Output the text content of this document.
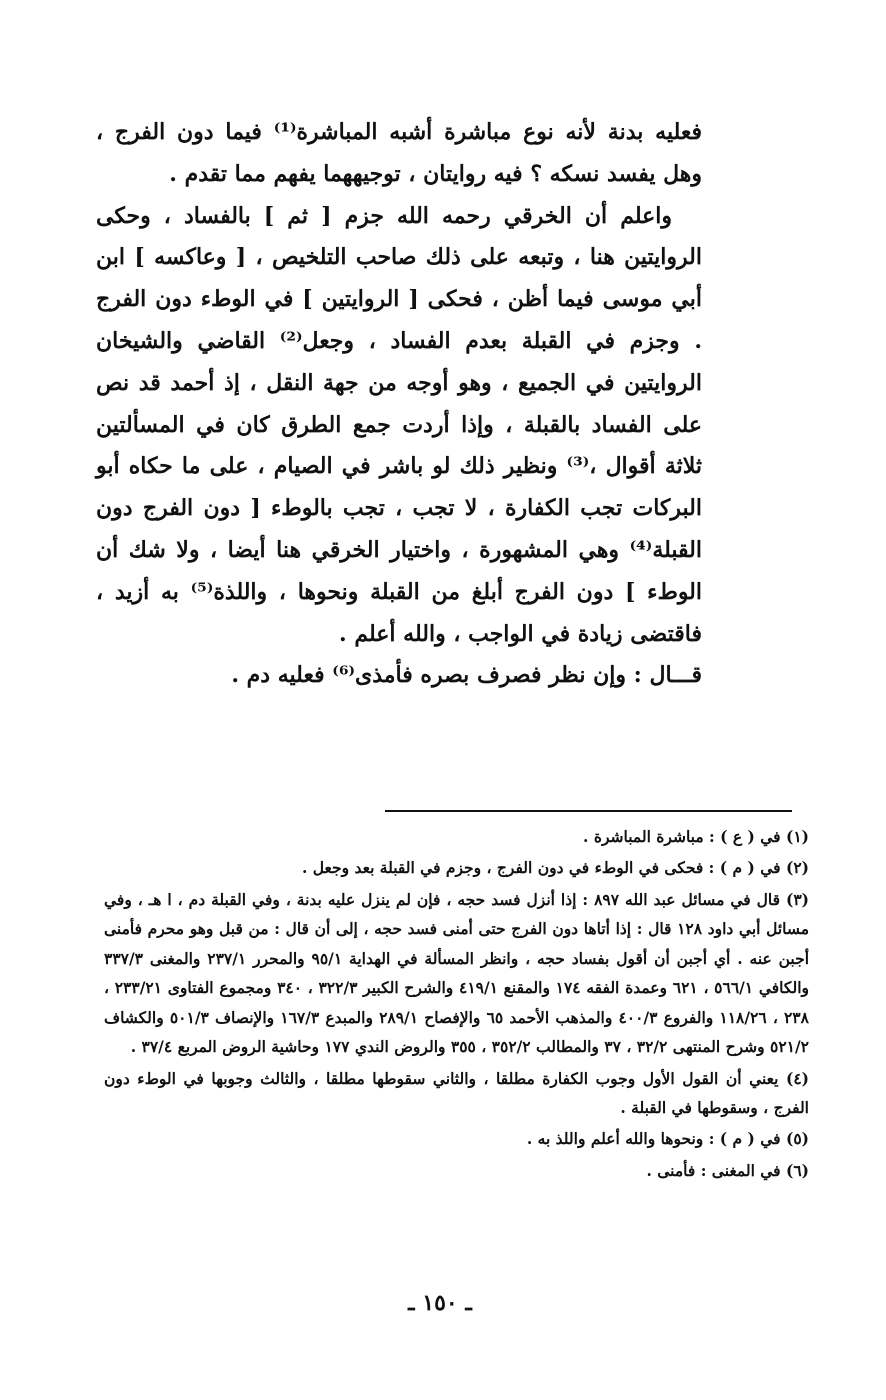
فعليه بدنة لأنه نوع مباشرة أشبه المباشرة⁽¹⁾ فيما دون الفرج ، وهل يفسد نسكه ؟ فيه روايتان ، توجيههما يفهم مما تقدم .

واعلم أن الخرقي رحمه الله جزم [ ثم ] بالفساد ، وحكى الروايتين هنا ، وتبعه على ذلك صاحب التلخيص ، [ وعاكسه ] ابن أبي موسى فيما أظن ، فحكى [ الروايتين ] في الوطء دون الفرج . وجزم في القبلة بعدم الفساد ، وجعل⁽²⁾ القاضي والشيخان الروايتين في الجميع ، وهو أوجه من جهة النقل ، إذ أحمد قد نص على الفساد بالقبلة ، وإذا أردت جمع الطرق كان في المسألتين ثلاثة أقوال ،⁽³⁾ ونظير ذلك لو باشر في الصيام ، على ما حكاه أبو البركات تجب الكفارة ، لا تجب ، تجب بالوطء [ دون الفرج دون القبلة⁽⁴⁾ وهي المشهورة ، واختيار الخرقي هنا أيضا ، ولا شك أن الوطء ] دون الفرج أبلغ من القبلة ونحوها ، واللذة⁽⁵⁾ به أزيد ، فاقتضى زيادة في الواجب ، والله أعلم .

قـــال : وإن نظر فصرف بصره فأمذى⁽⁶⁾ فعليه دم .

(١) في ( ع ) : مباشرة المباشرة .

(٢) في ( م ) : فحكى في الوطء في دون الفرج ، وجزم في القبلة بعد وجعل .

(٣) قال في مسائل عبد الله ٨٩٧ : إذا أنزل فسد حجه ، فإن لم ينزل عليه بدنة ، وفي القبلة دم ، ا هـ ، وفي مسائل أبي داود ١٢٨ قال : إذا أتاها دون الفرج حتى أمنى فسد حجه ، إلى أن قال : من قبل وهو محرم فأمنى أجبن عنه . أي أجبن أن أقول بفساد حجه ، وانظر المسألة في الهداية ٩٥/١ والمحرر ٢٣٧/١ والمغنى ٣٣٧/٣ والكافي ٥٦٦/١ ، ٦٢١ وعمدة الفقه ١٧٤ والمقنع ٤١٩/١ والشرح الكبير ٣٢٢/٣ ، ٣٤٠ ومجموع الفتاوى ٢٣٣/٢١ ، ٢٣٨ ، ١١٨/٢٦ والفروع ٤٠٠/٣ والمذهب الأحمد ٦٥ والإفصاح ٢٨٩/١ والمبدع ١٦٧/٣ والإنصاف ٥٠١/٣ والكشاف ٥٢١/٢ وشرح المنتهى ٣٢/٢ ، ٣٧ والمطالب ٣٥٢/٢ ، ٣٥٥ والروض الندي ١٧٧ وحاشية الروض المربع ٣٧/٤ .

(٤) يعني أن القول الأول وجوب الكفارة مطلقا ، والثاني سقوطها مطلقا ، والثالث وجوبها في الوطء دون الفرج ، وسقوطها في القبلة .

(٥) في ( م ) : ونحوها والله أعلم واللذ به .

(٦) في المغنى : فأمنى .

ـ ١٥٠ ـ
